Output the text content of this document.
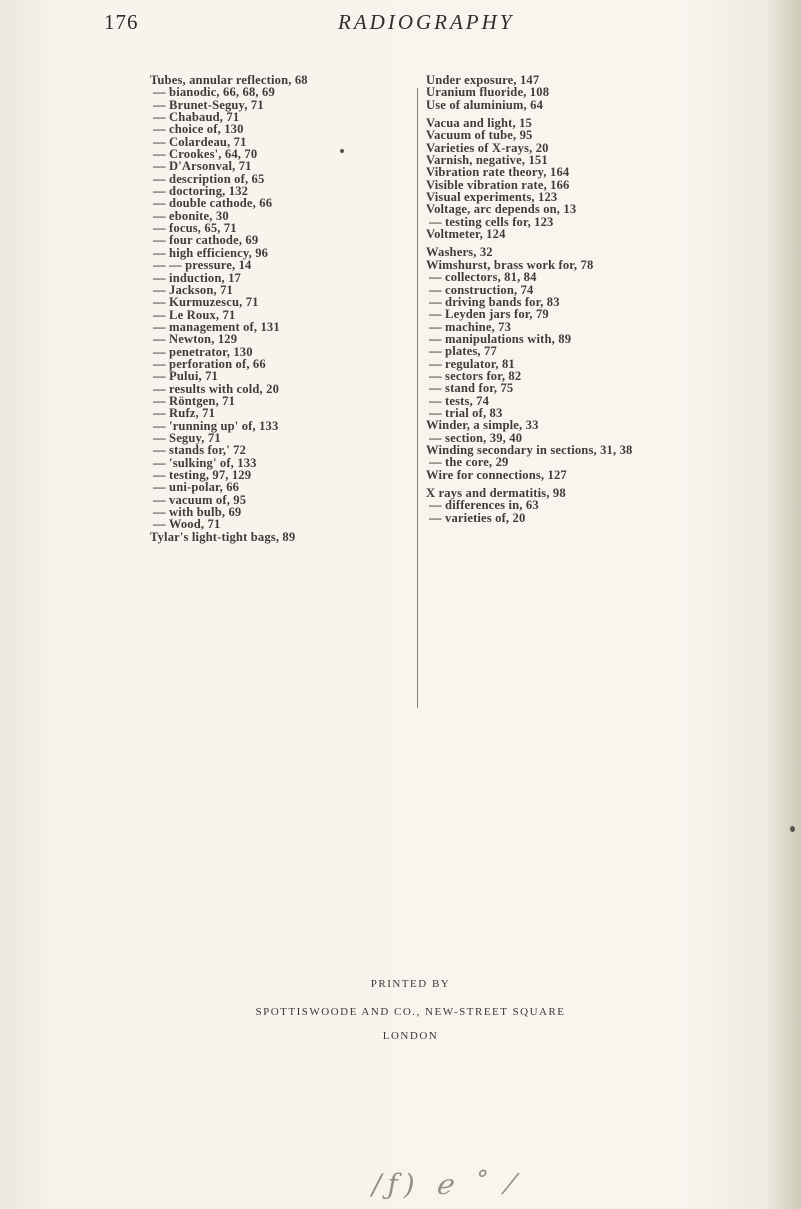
176	RADIOGRAPHY
Tubes, annular reflection, 68
— bianodic, 66, 68, 69
— Brunet-Seguy, 71
— Chabaud, 71
— choice of, 130
— Colardeau, 71
— Crookes', 64, 70
— D'Arsonval, 71
— description of, 65
— doctoring, 132
— double cathode, 66
— ebonite, 30
— focus, 65, 71
— four cathode, 69
— high efficiency, 96
— — pressure, 14
— induction, 17
— Jackson, 71
— Kurmuzescu, 71
— Le Roux, 71
— management of, 131
— Newton, 129
— penetrator, 130
— perforation of, 66
— Pului, 71
— results with cold, 20
— Röntgen, 71
— Rufz, 71
— 'running up' of, 133
— Seguy, 71
— stands for,' 72
— 'sulking' of, 133
— testing, 97, 129
— uni-polar, 66
— vacuum of, 95
— with bulb, 69
— Wood, 71
Tylar's light-tight bags, 89
Under exposure, 147
Uranium fluoride, 108
Use of aluminium, 64
Vacua and light, 15
Vacuum of tube, 95
Varieties of X-rays, 20
Varnish, negative, 151
Vibration rate theory, 164
Visible vibration rate, 166
Visual experiments, 123
Voltage, arc depends on, 13
— testing cells for, 123
Voltmeter, 124
Washers, 32
Wimshurst, brass work for, 78
— collectors, 81, 84
— construction, 74
— driving bands for, 83
— Leyden jars for, 79
— machine, 73
— manipulations with, 89
— plates, 77
— regulator, 81
— sectors for, 82
— stand for, 75
— tests, 74
— trial of, 83
Winder, a simple, 33
— section, 39, 40
Winding secondary in sections, 31, 38
— the core, 29
Wire for connections, 127
X rays and dermatitis, 98
— differences in, 63
— varieties of, 20
PRINTED BY
SPOTTISWOODE AND CO., NEW-STREET SQUARE
LONDON
/ƒ) ℯ ˚ ⁄
